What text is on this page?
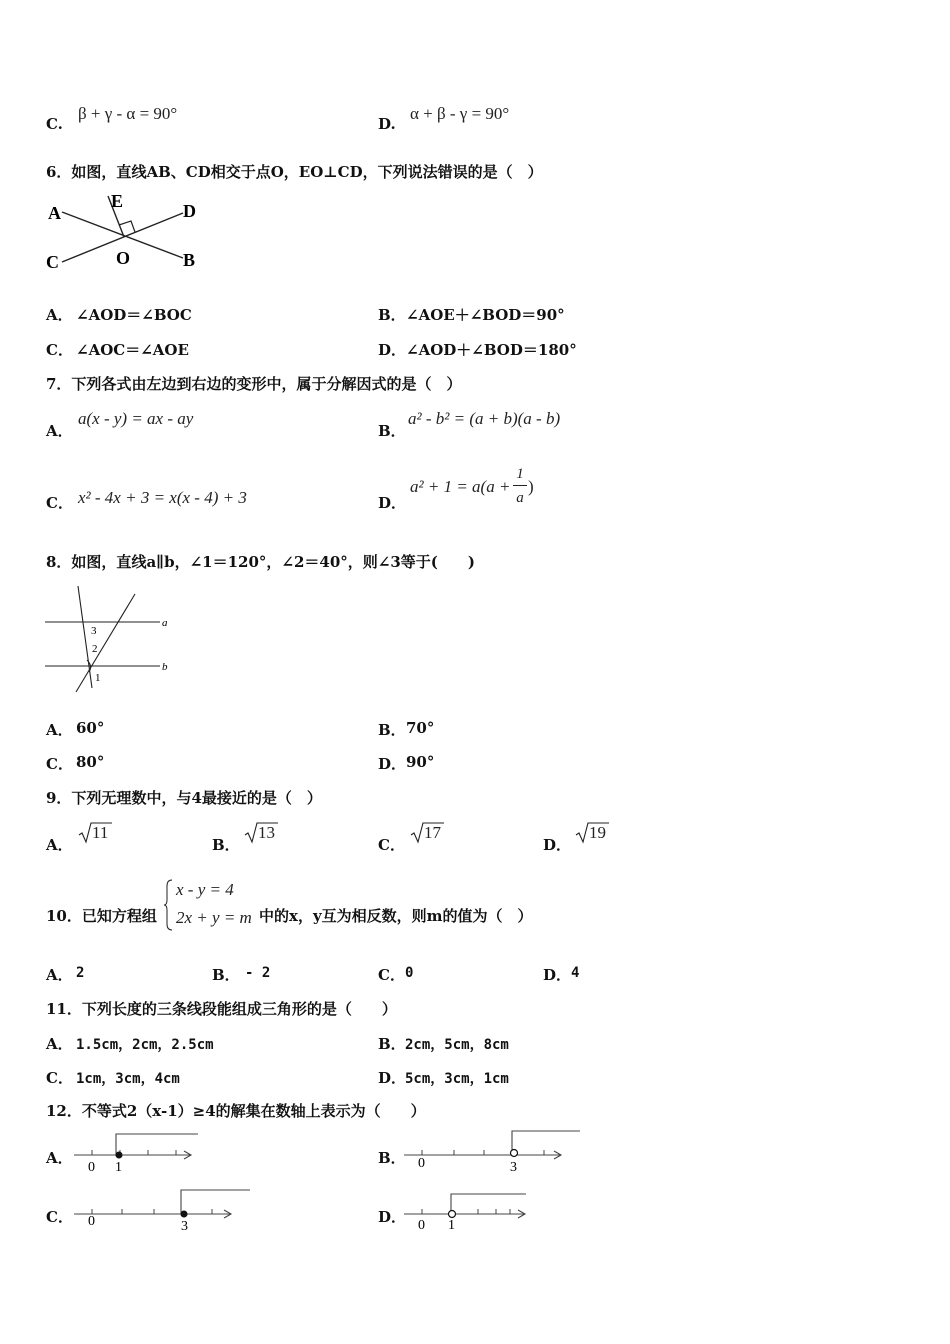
C.
β + γ - α = 90°
D.
α + β - γ = 90°
6．如图，直线AB、CD相交于点O，EO⊥CD，下列说法错误的是（　）
A
C
E	D
O	B
A． ∠AOD＝∠BOC	B． ∠AOE＋∠BOD＝90°
C． ∠AOC＝∠AOE	D． ∠AOD＋∠BOD＝180°
7．下列各式由左边到右边的变形中，属于分解因式的是（　）
A．
a(x - y) = ax - ay
B．
a² - b² = (a + b)(a - b)
C． x² - 4x + 3 = x(x - 4) + 3	D．
a² + 1 = a(a +
1
a
)
8．如图，直线a∥b，∠1＝120°，∠2＝40°，则∠3等于(　　)
a
b
3
2
1
A． 60°	B． 70°
C． 80°	D． 90°
9．下列无理数中，与4最接近的是（　）
A．
11
B．
13
C．
17
D．
19
10．已知方程组
x - y = 4
2x + y = m 中的x，y互为相反数，则m的值为（　）
A． 2	B． - 2	C． 0	D． 4
11．下列长度的三条线段能组成三角形的是（　　）
A． 1.5cm，2cm，2.5cm	B． 2cm，5cm，8cm
C． 1cm，3cm，4cm	D．
5cm，3cm，1cm
12．不等式2（x-1）≥4的解集在数轴上表示为（　　）
A．
0 1
B． 0	3
C． 0	3
D． 0 1
